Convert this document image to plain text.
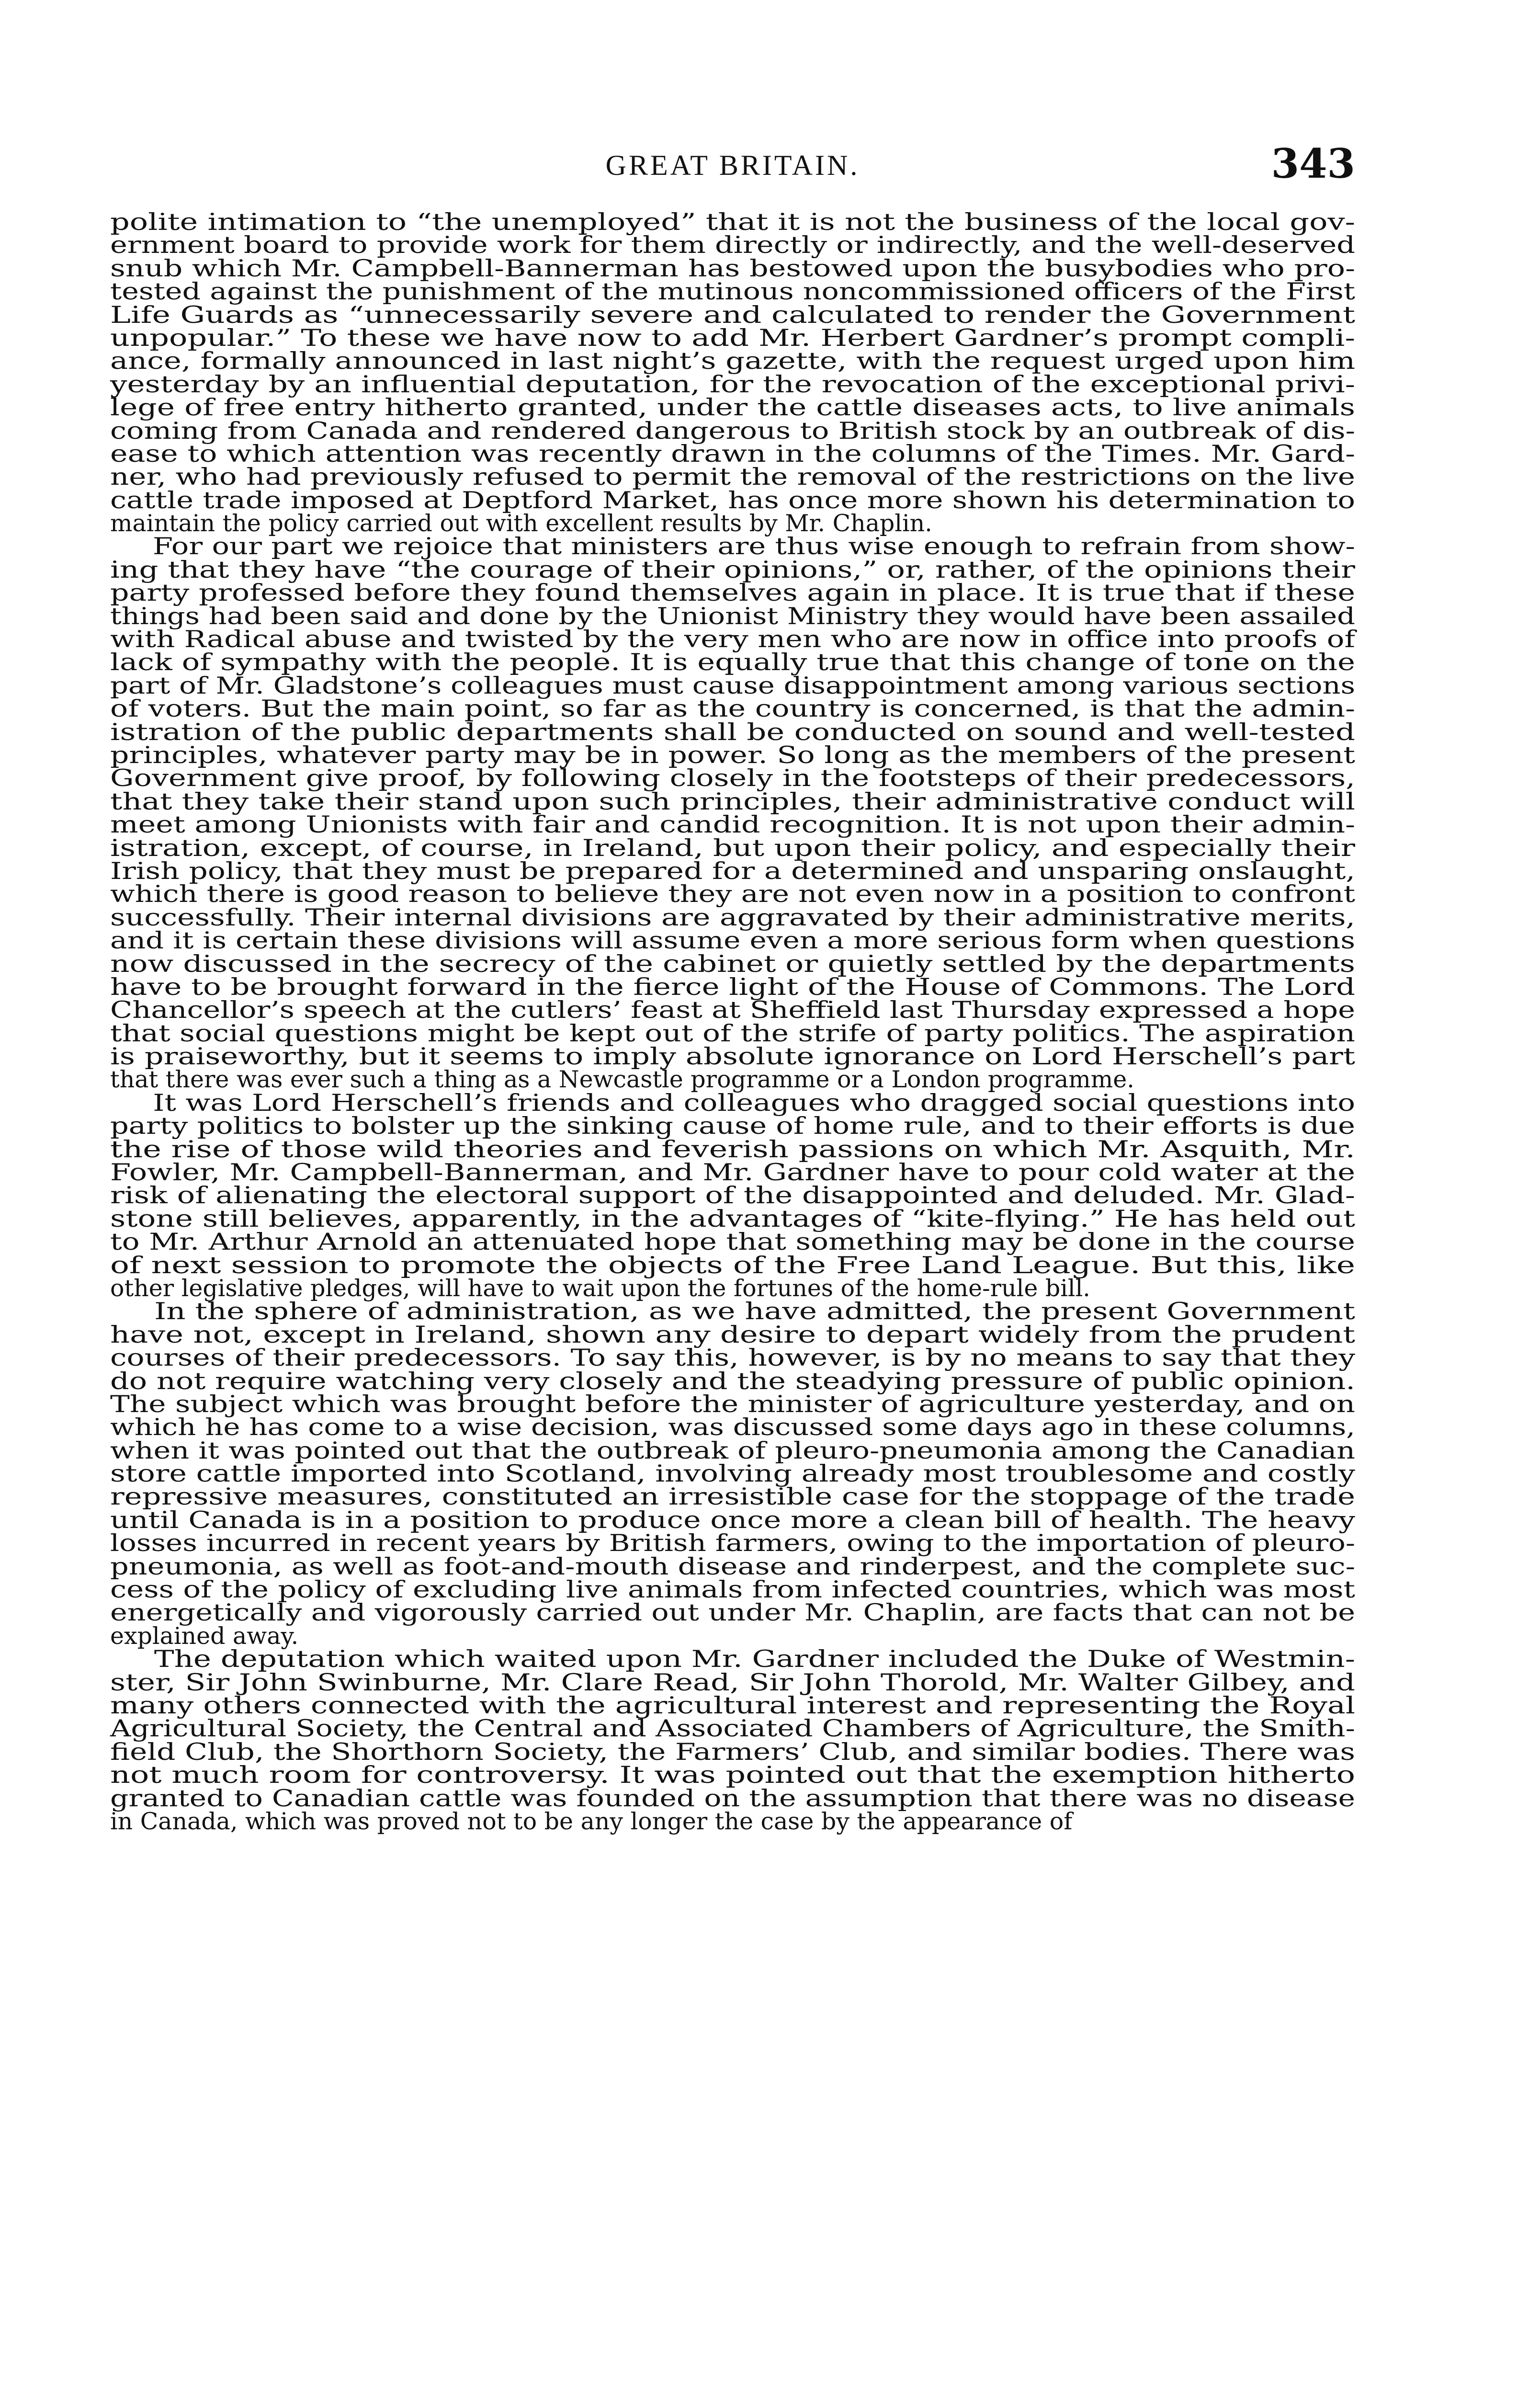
GREAT BRITAIN.	343
polite intimation to “the unemployed” that it is not the business of the local gov-
ernment board to provide work for them directly or indirectly, and the well-deserved
snub which Mr. Campbell-Bannerman has bestowed upon the busybodies who pro-
tested against the punishment of the mutinous noncommissioned officers of the First
Life Guards as “unnecessarily severe and calculated to render the Government
unpopular.” To these we have now to add Mr. Herbert Gardner’s prompt compli-
ance, formally announced in last night’s gazette, with the request urged upon him
yesterday by an influential deputation, for the revocation of the exceptional privi-
lege of free entry hitherto granted, under the cattle diseases acts, to live animals
coming from Canada and rendered dangerous to British stock by an outbreak of dis-
ease to which attention was recently drawn in the columns of the Times. Mr. Gard-
ner, who had previously refused to permit the removal of the restrictions on the live
cattle trade imposed at Deptford Market, has once more shown his determination to
maintain the policy carried out with excellent results by Mr. Chaplin.
For our part we rejoice that ministers are thus wise enough to refrain from show-
ing that they have “the courage of their opinions,” or, rather, of the opinions their
party professed before they found themselves again in place. It is true that if these
things had been said and done by the Unionist Ministry they would have been assailed
with Radical abuse and twisted by the very men who are now in office into proofs of
lack of sympathy with the people. It is equally true that this change of tone on the
part of Mr. Gladstone’s colleagues must cause disappointment among various sections
of voters. But the main point, so far as the country is concerned, is that the admin-
istration of the public departments shall be conducted on sound and well-tested
principles, whatever party may be in power. So long as the members of the present
Government give proof, by following closely in the footsteps of their predecessors,
that they take their stand upon such principles, their administrative conduct will
meet among Unionists with fair and candid recognition. It is not upon their admin-
istration, except, of course, in Ireland, but upon their policy, and especially their
Irish policy, that they must be prepared for a determined and unsparing onslaught,
which there is good reason to believe they are not even now in a position to confront
successfully. Their internal divisions are aggravated by their administrative merits,
and it is certain these divisions will assume even a more serious form when questions
now discussed in the secrecy of the cabinet or quietly settled by the departments
have to be brought forward in the fierce light of the House of Commons. The Lord
Chancellor’s speech at the cutlers’ feast at Sheffield last Thursday expressed a hope
that social questions might be kept out of the strife of party politics. The aspiration
is praiseworthy, but it seems to imply absolute ignorance on Lord Herschell’s part
that there was ever such a thing as a Newcastle programme or a London programme.
It was Lord Herschell’s friends and colleagues who dragged social questions into
party politics to bolster up the sinking cause of home rule, and to their efforts is due
the rise of those wild theories and feverish passions on which Mr. Asquith, Mr.
Fowler, Mr. Campbell-Bannerman, and Mr. Gardner have to pour cold water at the
risk of alienating the electoral support of the disappointed and deluded. Mr. Glad-
stone still believes, apparently, in the advantages of “kite-flying.” He has held out
to Mr. Arthur Arnold an attenuated hope that something may be done in the course
of next session to promote the objects of the Free Land League. But this, like
other legislative pledges, will have to wait upon the fortunes of the home-rule bill.
In the sphere of administration, as we have admitted, the present Government
have not, except in Ireland, shown any desire to depart widely from the prudent
courses of their predecessors. To say this, however, is by no means to say that they
do not require watching very closely and the steadying pressure of public opinion.
The subject which was brought before the minister of agriculture yesterday, and on
which he has come to a wise decision, was discussed some days ago in these columns,
when it was pointed out that the outbreak of pleuro-pneumonia among the Canadian
store cattle imported into Scotland, involving already most troublesome and costly
repressive measures, constituted an irresistible case for the stoppage of the trade
until Canada is in a position to produce once more a clean bill of health. The heavy
losses incurred in recent years by British farmers, owing to the importation of pleuro-
pneumonia, as well as foot-and-mouth disease and rinderpest, and the complete suc-
cess of the policy of excluding live animals from infected countries, which was most
energetically and vigorously carried out under Mr. Chaplin, are facts that can not be
explained away.
The deputation which waited upon Mr. Gardner included the Duke of Westmin-
ster, Sir John Swinburne, Mr. Clare Read, Sir John Thorold, Mr. Walter Gilbey, and
many others connected with the agricultural interest and representing the Royal
Agricultural Society, the Central and Associated Chambers of Agriculture, the Smith-
field Club, the Shorthorn Society, the Farmers’ Club, and similar bodies. There was
not much room for controversy. It was pointed out that the exemption hitherto
granted to Canadian cattle was founded on the assumption that there was no disease
in Canada, which was proved not to be any longer the case by the appearance of
